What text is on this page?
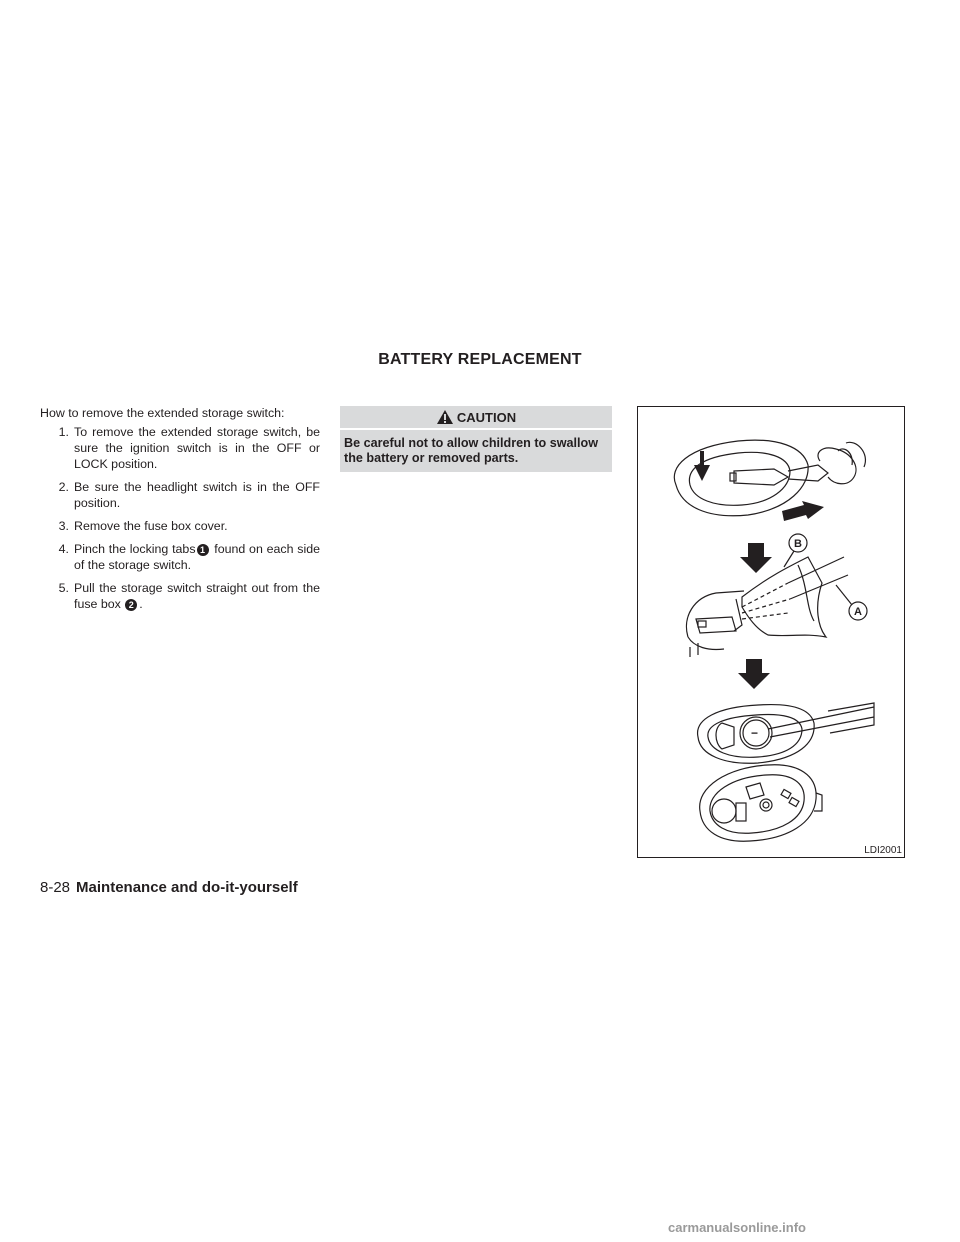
BATTERY REPLACEMENT

How to remove the extended storage switch:

1. To remove the extended storage switch, be sure the ignition switch is in the OFF or LOCK position.
2. Be sure the headlight switch is in the OFF position.
3. Remove the fuse box cover.
4. Pinch the locking tabs 1 found on each side of the storage switch.
5. Pull the storage switch straight out from the fuse box 2 .
CAUTION
Be careful not to allow children to swallow the battery or removed parts.
B
A
−
LDI2001
8-28 Maintenance and do-it-yourself
carmanualsonline.info
